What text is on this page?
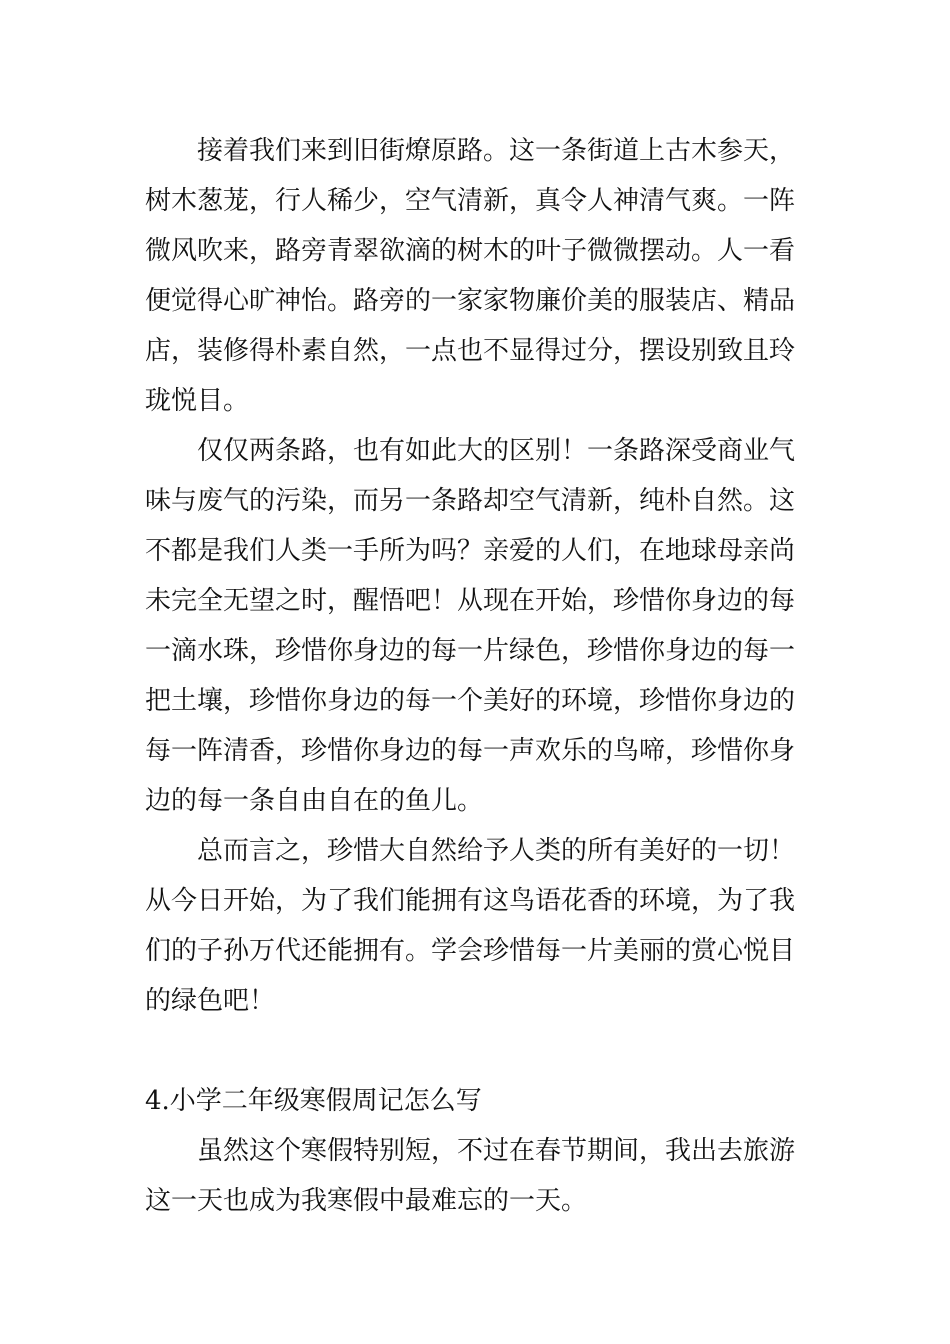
接着我们来到旧街燎原路。这一条街道上古木参天，
树木葱茏，行人稀少，空气清新，真令人神清气爽。一阵
微风吹来，路旁青翠欲滴的树木的叶子微微摆动。人一看
便觉得心旷神怡。路旁的一家家物廉价美的服装店、精品
店，装修得朴素自然，一点也不显得过分，摆设别致且玲
珑悦目。

仅仅两条路，也有如此大的区别！一条路深受商业气
味与废气的污染，而另一条路却空气清新，纯朴自然。这
不都是我们人类一手所为吗？亲爱的人们，在地球母亲尚
未完全无望之时，醒悟吧！从现在开始，珍惜你身边的每
一滴水珠，珍惜你身边的每一片绿色，珍惜你身边的每一
把土壤，珍惜你身边的每一个美好的环境，珍惜你身边的
每一阵清香，珍惜你身边的每一声欢乐的鸟啼，珍惜你身
边的每一条自由自在的鱼儿。

总而言之，珍惜大自然给予人类的所有美好的一切！
从今日开始，为了我们能拥有这鸟语花香的环境，为了我
们的子孙万代还能拥有。学会珍惜每一片美丽的赏心悦目
的绿色吧！

4.小学二年级寒假周记怎么写

虽然这个寒假特别短，不过在春节期间，我出去旅游
这一天也成为我寒假中最难忘的一天。
